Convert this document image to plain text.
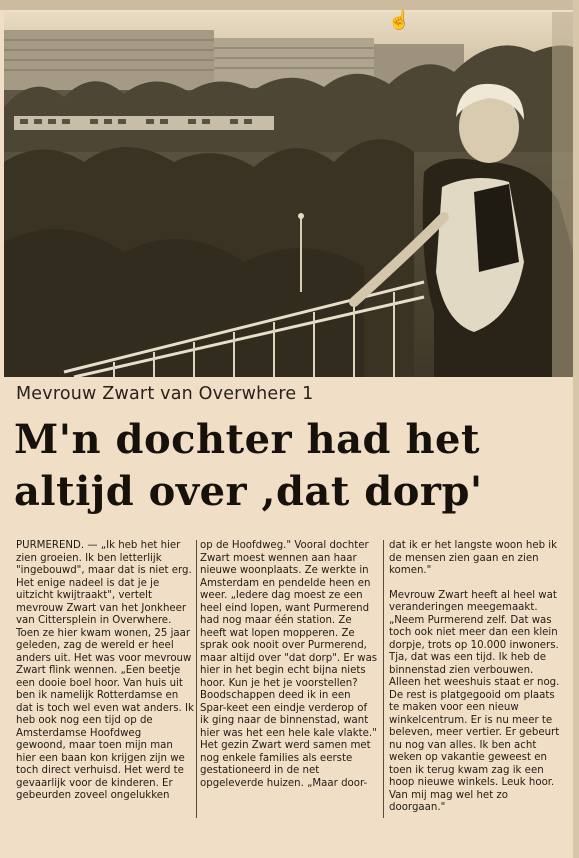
☝
Mevrouw Zwart van Overwhere 1
M'n dochter had het
altijd over ,dat dorp'

PURMEREND. — „Ik heb het hier zien groeien. Ik ben letterlijk "ingebouwd", maar dat is niet erg. Het enige nadeel is dat je je uitzicht kwijtraakt", vertelt mevrouw Zwart van het Jonkheer van Cittersplein in Overwhere. Toen ze hier kwam wonen, 25 jaar geleden, zag de wereld er heel anders uit. Het was voor mevrouw Zwart flink wennen. „Een beetje een dooie boel hoor. Van huis uit ben ik namelijk Rotterdamse en dat is toch wel even wat anders. Ik heb ook nog een tijd op de Amsterdamse Hoofdweg gewoond, maar toen mijn man hier een baan kon krijgen zijn we toch direct verhuisd. Het werd te gevaarlijk voor de kinderen. Er gebeurden zoveel ongelukken

op de Hoofdweg." Vooral dochter Zwart moest wennen aan haar nieuwe woonplaats. Ze werkte in Amsterdam en pendelde heen en weer. „Iedere dag moest ze een heel eind lopen, want Purmerend had nog maar één station. Ze heeft wat lopen mopperen. Ze sprak ook nooit over Purmerend, maar altijd over "dat dorp". Er was hier in het begin echt bijna niets hoor. Kun je het je voorstellen? Boodschappen deed ik in een Spar-keet een eindje verderop of ik ging naar de binnenstad, want hier was het een hele kale vlakte." Het gezin Zwart werd samen met nog enkele families als eerste gestationeerd in de net opgeleverde huizen. „Maar door-

dat ik er het langste woon heb ik de mensen zien gaan en zien komen."

Mevrouw Zwart heeft al heel wat veranderingen meegemaakt. „Neem Purmerend zelf. Dat was toch ook niet meer dan een klein dorpje, trots op 10.000 inwoners. Tja, dat was een tijd. Ik heb de binnenstad zien verbouwen. Alleen het weeshuis staat er nog. De rest is platgegooid om plaats te maken voor een nieuw winkelcentrum. Er is nu meer te beleven, meer vertier. Er gebeurt nu nog van alles. Ik ben acht weken op vakantie geweest en toen ik terug kwam zag ik een hoop nieuwe winkels. Leuk hoor. Van mij mag wel het zo doorgaan."
